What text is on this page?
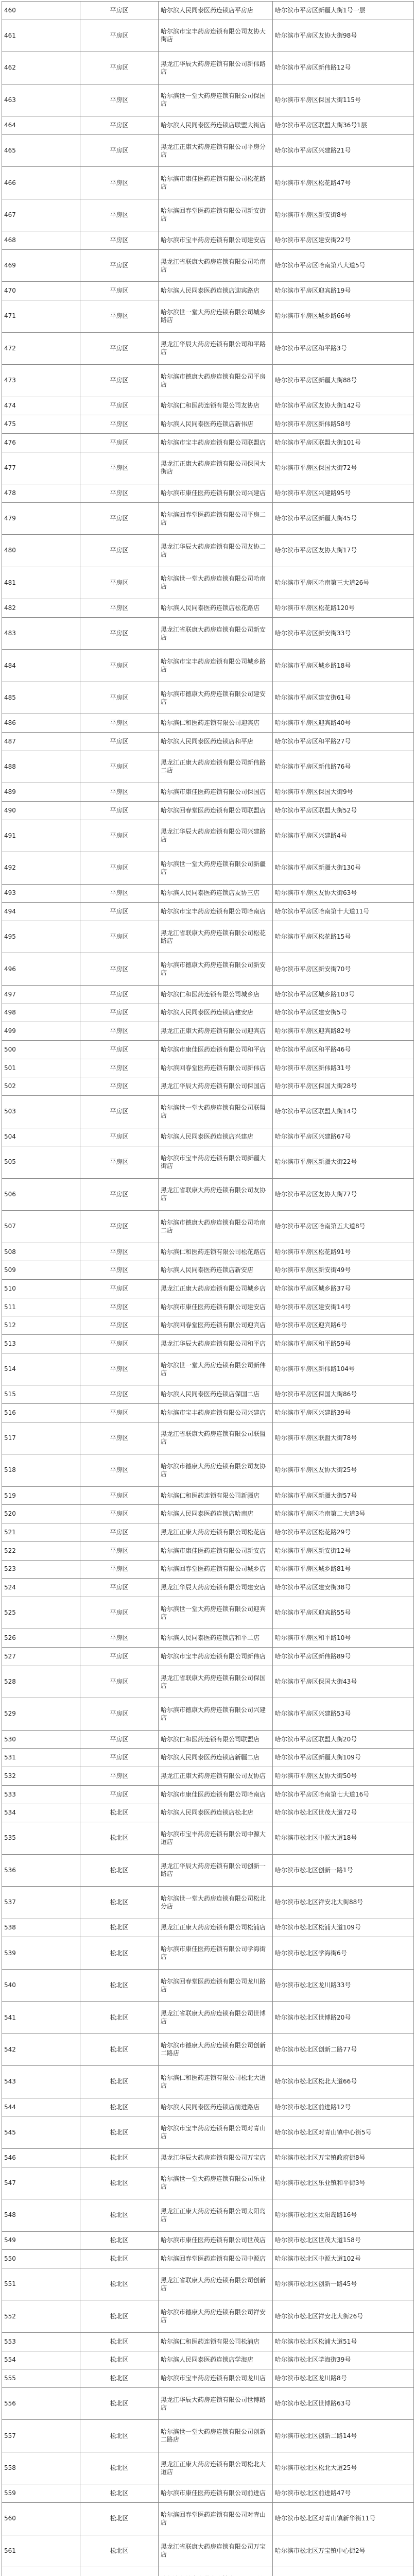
460	平房区	哈尔滨人民同泰医药连锁店平房店	哈尔滨市平房区新疆大街1号一层
461	平房区	哈尔滨市宝丰药房连锁有限公司友协大街店	哈尔滨市平房区友协大街98号
462	平房区	黑龙江华辰大药房连锁有限公司新伟路店	哈尔滨市平房区新伟路12号
463	平房区	哈尔滨世一堂大药房连锁有限公司保国店	哈尔滨市平房区保国大街115号
464	平房区	哈尔滨人民同泰医药连锁店联盟大街店	哈尔滨市平房区联盟大街36号1层
465	平房区	黑龙江正康大药房连锁有限公司平房分店	哈尔滨市平房区兴建路21号
466	平房区	哈尔滨市康佳医药连锁有限公司松花路店	哈尔滨市平房区松花路47号
467	平房区	哈尔滨回春堂医药连锁有限公司新安街店	哈尔滨市平房区新安街8号
468	平房区	哈尔滨市宝丰药房连锁有限公司建安店	哈尔滨市平房区建安街22号
469	平房区	黑龙江省联康大药房连锁有限公司哈南店	哈尔滨市平房区哈南第八大道5号
470	平房区	哈尔滨人民同泰医药连锁店迎宾路店	哈尔滨市平房区迎宾路19号
471	平房区	哈尔滨世一堂大药房连锁有限公司城乡路店	哈尔滨市平房区城乡路66号
472	平房区	黑龙江华辰大药房连锁有限公司和平路店	哈尔滨市平房区和平路3号
473	平房区	哈尔滨市德康大药房连锁有限公司平房店	哈尔滨市平房区新疆大街88号
474	平房区	哈尔滨仁和医药连锁有限公司友协店	哈尔滨市平房区友协大街142号
475	平房区	哈尔滨人民同泰医药连锁店新伟店	哈尔滨市平房区新伟路58号
476	平房区	哈尔滨市宝丰药房连锁有限公司联盟店	哈尔滨市平房区联盟大街101号
477	平房区	黑龙江正康大药房连锁有限公司保国大街店	哈尔滨市平房区保国大街72号
478	平房区	哈尔滨市康佳医药连锁有限公司兴建店	哈尔滨市平房区兴建路95号
479	平房区	哈尔滨回春堂医药连锁有限公司平房二店	哈尔滨市平房区新疆大街45号
480	平房区	黑龙江华辰大药房连锁有限公司友协二店	哈尔滨市平房区友协大街17号
481	平房区	哈尔滨世一堂大药房连锁有限公司哈南店	哈尔滨市平房区哈南第三大道26号
482	平房区	哈尔滨人民同泰医药连锁店松花路店	哈尔滨市平房区松花路120号
483	平房区	黑龙江省联康大药房连锁有限公司新安店	哈尔滨市平房区新安街33号
484	平房区	哈尔滨市宝丰药房连锁有限公司城乡路店	哈尔滨市平房区城乡路18号
485	平房区	哈尔滨市德康大药房连锁有限公司建安店	哈尔滨市平房区建安街61号
486	平房区	哈尔滨仁和医药连锁有限公司迎宾店	哈尔滨市平房区迎宾路40号
487	平房区	哈尔滨人民同泰医药连锁店和平店	哈尔滨市平房区和平路27号
488	平房区	黑龙江正康大药房连锁有限公司新伟路二店	哈尔滨市平房区新伟路76号
489	平房区	哈尔滨市康佳医药连锁有限公司保国店	哈尔滨市平房区保国大街9号
490	平房区	哈尔滨回春堂医药连锁有限公司联盟店	哈尔滨市平房区联盟大街52号
491	平房区	黑龙江华辰大药房连锁有限公司兴建路店	哈尔滨市平房区兴建路4号
492	平房区	哈尔滨世一堂大药房连锁有限公司新疆店	哈尔滨市平房区新疆大街130号
493	平房区	哈尔滨人民同泰医药连锁店友协三店	哈尔滨市平房区友协大街63号
494	平房区	哈尔滨市宝丰药房连锁有限公司哈南店	哈尔滨市平房区哈南第十大道11号
495	平房区	黑龙江省联康大药房连锁有限公司松花路店	哈尔滨市平房区松花路15号
496	平房区	哈尔滨市德康大药房连锁有限公司新安店	哈尔滨市平房区新安街70号
497	平房区	哈尔滨仁和医药连锁有限公司城乡店	哈尔滨市平房区城乡路103号
498	平房区	哈尔滨人民同泰医药连锁店建安店	哈尔滨市平房区建安街5号
499	平房区	黑龙江正康大药房连锁有限公司迎宾店	哈尔滨市平房区迎宾路82号
500	平房区	哈尔滨市康佳医药连锁有限公司和平店	哈尔滨市平房区和平路46号
501	平房区	哈尔滨回春堂医药连锁有限公司新伟店	哈尔滨市平房区新伟路31号
502	平房区	黑龙江华辰大药房连锁有限公司保国店	哈尔滨市平房区保国大街28号
503	平房区	哈尔滨世一堂大药房连锁有限公司联盟店	哈尔滨市平房区联盟大街14号
504	平房区	哈尔滨人民同泰医药连锁店兴建店	哈尔滨市平房区兴建路67号
505	平房区	哈尔滨市宝丰药房连锁有限公司新疆大街店	哈尔滨市平房区新疆大街22号
506	平房区	黑龙江省联康大药房连锁有限公司友协店	哈尔滨市平房区友协大街77号
507	平房区	哈尔滨市德康大药房连锁有限公司哈南二店	哈尔滨市平房区哈南第五大道8号
508	平房区	哈尔滨仁和医药连锁有限公司松花路店	哈尔滨市平房区松花路91号
509	平房区	哈尔滨人民同泰医药连锁店新安店	哈尔滨市平房区新安街49号
510	平房区	黑龙江正康大药房连锁有限公司城乡店	哈尔滨市平房区城乡路37号
511	平房区	哈尔滨市康佳医药连锁有限公司建安店	哈尔滨市平房区建安街14号
512	平房区	哈尔滨回春堂医药连锁有限公司迎宾店	哈尔滨市平房区迎宾路6号
513	平房区	黑龙江华辰大药房连锁有限公司和平店	哈尔滨市平房区和平路59号
514	平房区	哈尔滨世一堂大药房连锁有限公司新伟店	哈尔滨市平房区新伟路104号
515	平房区	哈尔滨人民同泰医药连锁店保国二店	哈尔滨市平房区保国大街86号
516	平房区	哈尔滨市宝丰药房连锁有限公司兴建店	哈尔滨市平房区兴建路39号
517	平房区	黑龙江省联康大药房连锁有限公司联盟店	哈尔滨市平房区联盟大街78号
518	平房区	哈尔滨市德康大药房连锁有限公司友协店	哈尔滨市平房区友协大街25号
519	平房区	哈尔滨仁和医药连锁有限公司新疆店	哈尔滨市平房区新疆大街57号
520	平房区	哈尔滨人民同泰医药连锁店哈南店	哈尔滨市平房区哈南第二大道3号
521	平房区	黑龙江正康大药房连锁有限公司松花店	哈尔滨市平房区松花路29号
522	平房区	哈尔滨市康佳医药连锁有限公司新安店	哈尔滨市平房区新安街12号
523	平房区	哈尔滨回春堂医药连锁有限公司城乡店	哈尔滨市平房区城乡路81号
524	平房区	黑龙江华辰大药房连锁有限公司建安店	哈尔滨市平房区建安街38号
525	平房区	哈尔滨世一堂大药房连锁有限公司迎宾店	哈尔滨市平房区迎宾路55号
526	平房区	哈尔滨人民同泰医药连锁店和平二店	哈尔滨市平房区和平路10号
527	平房区	哈尔滨市宝丰药房连锁有限公司新伟店	哈尔滨市平房区新伟路89号
528	平房区	黑龙江省联康大药房连锁有限公司保国店	哈尔滨市平房区保国大街43号
529	平房区	哈尔滨市德康大药房连锁有限公司兴建店	哈尔滨市平房区兴建路53号
530	平房区	哈尔滨仁和医药连锁有限公司联盟店	哈尔滨市平房区联盟大街20号
531	平房区	哈尔滨人民同泰医药连锁店新疆二店	哈尔滨市平房区新疆大街109号
532	平房区	黑龙江正康大药房连锁有限公司友协店	哈尔滨市平房区友协大街50号
533	平房区	哈尔滨市康佳医药连锁有限公司哈南店	哈尔滨市平房区哈南第七大道16号
534	松北区	哈尔滨人民同泰医药连锁店松北店	哈尔滨市松北区世茂大道72号
535	松北区	哈尔滨市宝丰药房连锁有限公司中源大道店	哈尔滨市松北区中源大道18号
536	松北区	黑龙江华辰大药房连锁有限公司创新一路店	哈尔滨市松北区创新一路1号
537	松北区	哈尔滨世一堂大药房连锁有限公司松北分店	哈尔滨市松北区祥安北大街88号
538	松北区	黑龙江正康大药房连锁有限公司松浦店	哈尔滨市松北区松浦大道109号
539	松北区	哈尔滨市康佳医药连锁有限公司学海街店	哈尔滨市松北区学海街6号
540	松北区	哈尔滨回春堂医药连锁有限公司龙川路店	哈尔滨市松北区龙川路33号
541	松北区	黑龙江省联康大药房连锁有限公司世博店	哈尔滨市松北区世博路20号
542	松北区	哈尔滨市德康大药房连锁有限公司创新二路店	哈尔滨市松北区创新二路77号
543	松北区	哈尔滨仁和医药连锁有限公司松北大道店	哈尔滨市松北区松北大道66号
544	松北区	哈尔滨人民同泰医药连锁店前进路店	哈尔滨市松北区前进路12号
545	松北区	哈尔滨市宝丰药房连锁有限公司对青山店	哈尔滨市松北区对青山镇中心街5号
546	松北区	黑龙江华辰大药房连锁有限公司万宝店	哈尔滨市松北区万宝镇政府街8号
547	松北区	哈尔滨世一堂大药房连锁有限公司乐业店	哈尔滨市松北区乐业镇和平街3号
548	松北区	黑龙江正康大药房连锁有限公司太阳岛店	哈尔滨市松北区太阳岛路16号
549	松北区	哈尔滨市康佳医药连锁有限公司世茂店	哈尔滨市松北区世茂大道158号
550	松北区	哈尔滨回春堂医药连锁有限公司中源店	哈尔滨市松北区中源大道102号
551	松北区	黑龙江省联康大药房连锁有限公司创新店	哈尔滨市松北区创新一路45号
552	松北区	哈尔滨市德康大药房连锁有限公司祥安店	哈尔滨市松北区祥安北大街26号
553	松北区	哈尔滨仁和医药连锁有限公司松浦店	哈尔滨市松北区松浦大道51号
554	松北区	哈尔滨人民同泰医药连锁店学海店	哈尔滨市松北区学海街39号
555	松北区	哈尔滨市宝丰药房连锁有限公司龙川店	哈尔滨市松北区龙川路8号
556	松北区	黑龙江华辰大药房连锁有限公司世博路店	哈尔滨市松北区世博路63号
557	松北区	哈尔滨世一堂大药房连锁有限公司创新二路店	哈尔滨市松北区创新二路14号
558	松北区	黑龙江正康大药房连锁有限公司松北大道店	哈尔滨市松北区松北大道25号
559	松北区	哈尔滨市康佳医药连锁有限公司前进店	哈尔滨市松北区前进路47号
560	松北区	哈尔滨回春堂医药连锁有限公司对青山店	哈尔滨市松北区对青山镇新华街11号
561	松北区	黑龙江省联康大药房连锁有限公司万宝店	哈尔滨市松北区万宝镇中心街2号
